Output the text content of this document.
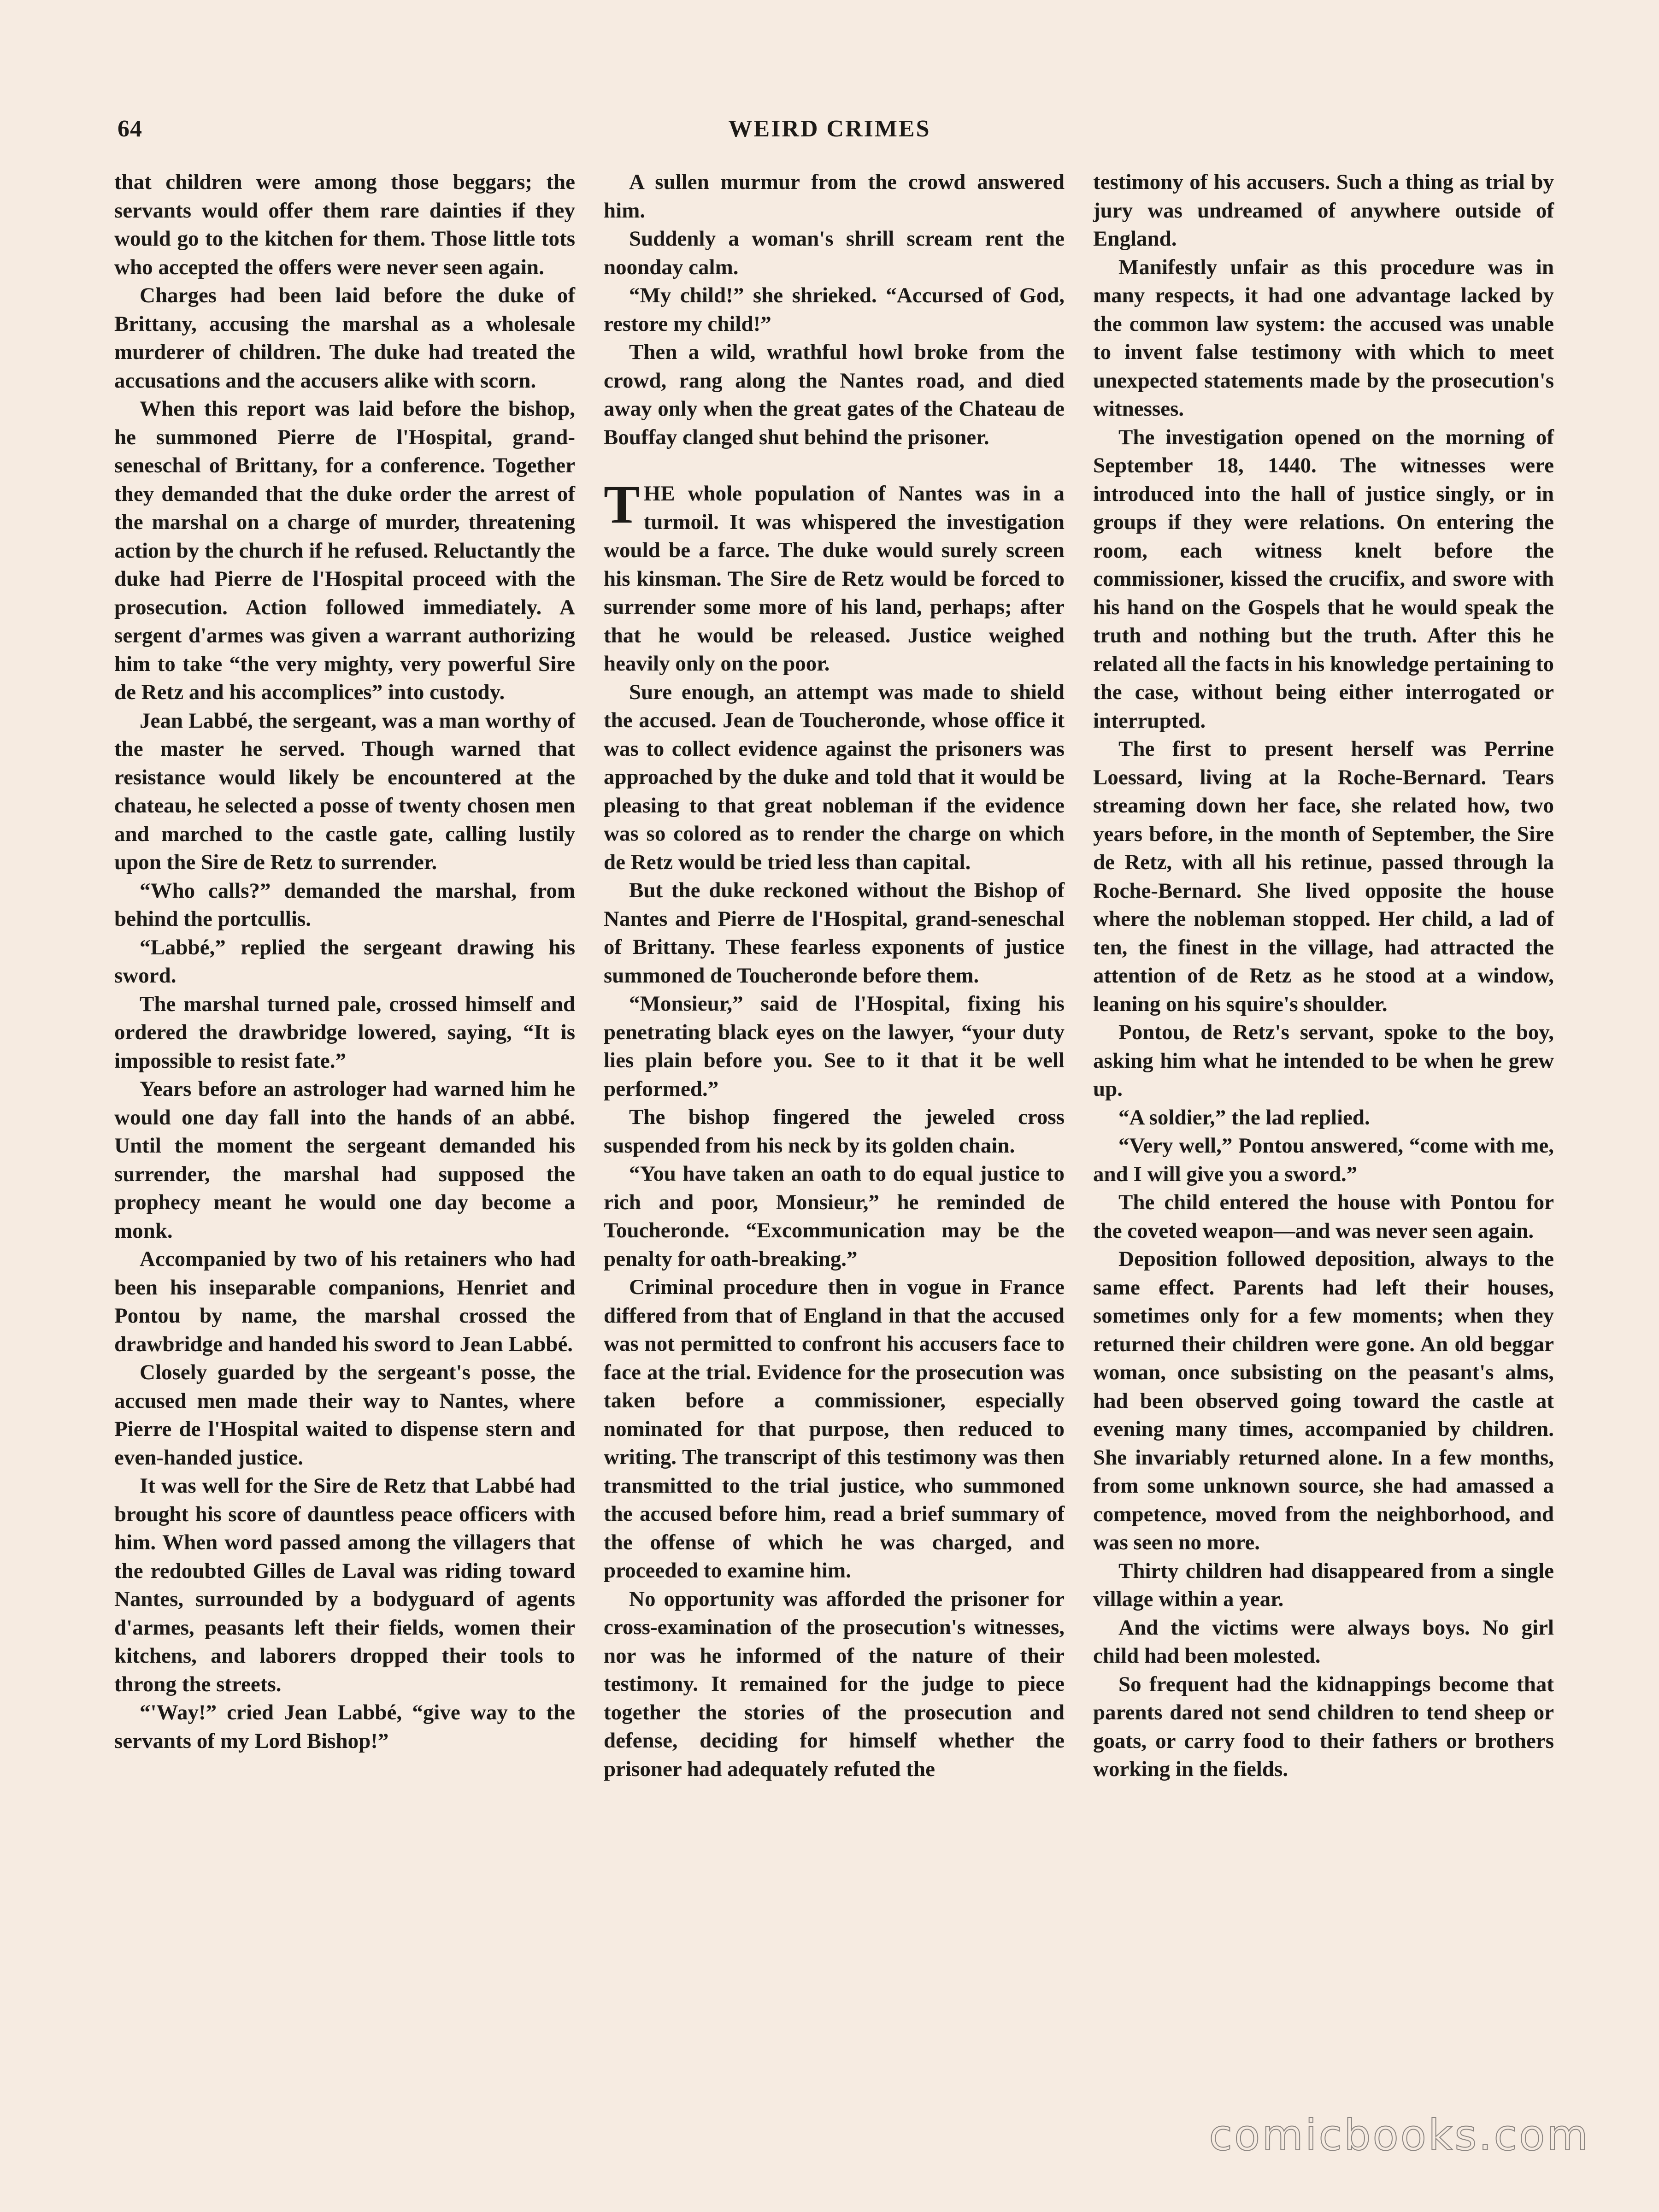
64	WEIRD CRIMES

that children were among those beggars; the servants would offer them rare dainties if they would go to the kitchen for them. Those little tots who accepted the offers were never seen again.

Charges had been laid before the duke of Brittany, accusing the marshal as a wholesale murderer of children. The duke had treated the accusations and the accusers alike with scorn.

When this report was laid before the bishop, he summoned Pierre de l'Hospital, grand-seneschal of Brittany, for a conference. Together they demanded that the duke order the arrest of the marshal on a charge of murder, threatening action by the church if he refused. Reluctantly the duke had Pierre de l'Hospital proceed with the prosecution. Action followed immediately. A sergent d'armes was given a warrant authorizing him to take “the very mighty, very powerful Sire de Retz and his accomplices” into custody.

Jean Labbé, the sergeant, was a man worthy of the master he served. Though warned that resistance would likely be encountered at the chateau, he selected a posse of twenty chosen men and marched to the castle gate, calling lustily upon the Sire de Retz to surrender.

“Who calls?” demanded the marshal, from behind the portcullis.

“Labbé,” replied the sergeant drawing his sword.

The marshal turned pale, crossed himself and ordered the drawbridge lowered, saying, “It is impossible to resist fate.”

Years before an astrologer had warned him he would one day fall into the hands of an abbé. Until the moment the sergeant demanded his surrender, the marshal had supposed the prophecy meant he would one day become a monk.

Accompanied by two of his retainers who had been his inseparable companions, Henriet and Pontou by name, the marshal crossed the drawbridge and handed his sword to Jean Labbé.

Closely guarded by the sergeant's posse, the accused men made their way to Nantes, where Pierre de l'Hospital waited to dispense stern and even-handed justice.

It was well for the Sire de Retz that Labbé had brought his score of dauntless peace officers with him. When word passed among the villagers that the redoubted Gilles de Laval was riding toward Nantes, surrounded by a bodyguard of agents d'armes, peasants left their fields, women their kitchens, and laborers dropped their tools to throng the streets.

“'Way!” cried Jean Labbé, “give way to the servants of my Lord Bishop!”

A sullen murmur from the crowd answered him.

Suddenly a woman's shrill scream rent the noonday calm.

“My child!” she shrieked. “Accursed of God, restore my child!”

Then a wild, wrathful howl broke from the crowd, rang along the Nantes road, and died away only when the great gates of the Chateau de Bouffay clanged shut behind the prisoner.

THE whole population of Nantes was in a turmoil. It was whispered the investigation would be a farce. The duke would surely screen his kinsman. The Sire de Retz would be forced to surrender some more of his land, perhaps; after that he would be released. Justice weighed heavily only on the poor.

Sure enough, an attempt was made to shield the accused. Jean de Toucheronde, whose office it was to collect evidence against the prisoners was approached by the duke and told that it would be pleasing to that great nobleman if the evidence was so colored as to render the charge on which de Retz would be tried less than capital.

But the duke reckoned without the Bishop of Nantes and Pierre de l'Hospital, grand-seneschal of Brittany. These fearless exponents of justice summoned de Toucheronde before them.

“Monsieur,” said de l'Hospital, fixing his penetrating black eyes on the lawyer, “your duty lies plain before you. See to it that it be well performed.”

The bishop fingered the jeweled cross suspended from his neck by its golden chain.

“You have taken an oath to do equal justice to rich and poor, Monsieur,” he reminded de Toucheronde. “Excommunication may be the penalty for oath-breaking.”

Criminal procedure then in vogue in France differed from that of England in that the accused was not permitted to confront his accusers face to face at the trial. Evidence for the prosecution was taken before a commissioner, especially nominated for that purpose, then reduced to writing. The transcript of this testimony was then transmitted to the trial justice, who summoned the accused before him, read a brief summary of the offense of which he was charged, and proceeded to examine him.

No opportunity was afforded the prisoner for cross-examination of the prosecution's witnesses, nor was he informed of the nature of their testimony. It remained for the judge to piece together the stories of the prosecution and defense, deciding for himself whether the prisoner had adequately refuted the

testimony of his accusers. Such a thing as trial by jury was undreamed of anywhere outside of England.

Manifestly unfair as this procedure was in many respects, it had one advantage lacked by the common law system: the accused was unable to invent false testimony with which to meet unexpected statements made by the prosecution's witnesses.

The investigation opened on the morning of September 18, 1440. The witnesses were introduced into the hall of justice singly, or in groups if they were relations. On entering the room, each witness knelt before the commissioner, kissed the crucifix, and swore with his hand on the Gospels that he would speak the truth and nothing but the truth. After this he related all the facts in his knowledge pertaining to the case, without being either interrogated or interrupted.

The first to present herself was Perrine Loessard, living at la Roche-Bernard. Tears streaming down her face, she related how, two years before, in the month of September, the Sire de Retz, with all his retinue, passed through la Roche-Bernard. She lived opposite the house where the nobleman stopped. Her child, a lad of ten, the finest in the village, had attracted the attention of de Retz as he stood at a window, leaning on his squire's shoulder.

Pontou, de Retz's servant, spoke to the boy, asking him what he intended to be when he grew up.

“A soldier,” the lad replied.

“Very well,” Pontou answered, “come with me, and I will give you a sword.”

The child entered the house with Pontou for the coveted weapon—and was never seen again.

Deposition followed deposition, always to the same effect. Parents had left their houses, sometimes only for a few moments; when they returned their children were gone. An old beggar woman, once subsisting on the peasant's alms, had been observed going toward the castle at evening many times, accompanied by children. She invariably returned alone. In a few months, from some unknown source, she had amassed a competence, moved from the neighborhood, and was seen no more.

Thirty children had disappeared from a single village within a year.

And the victims were always boys. No girl child had been molested.

So frequent had the kidnappings become that parents dared not send children to tend sheep or goats, or carry food to their fathers or brothers working in the fields.

comicbooks.com
